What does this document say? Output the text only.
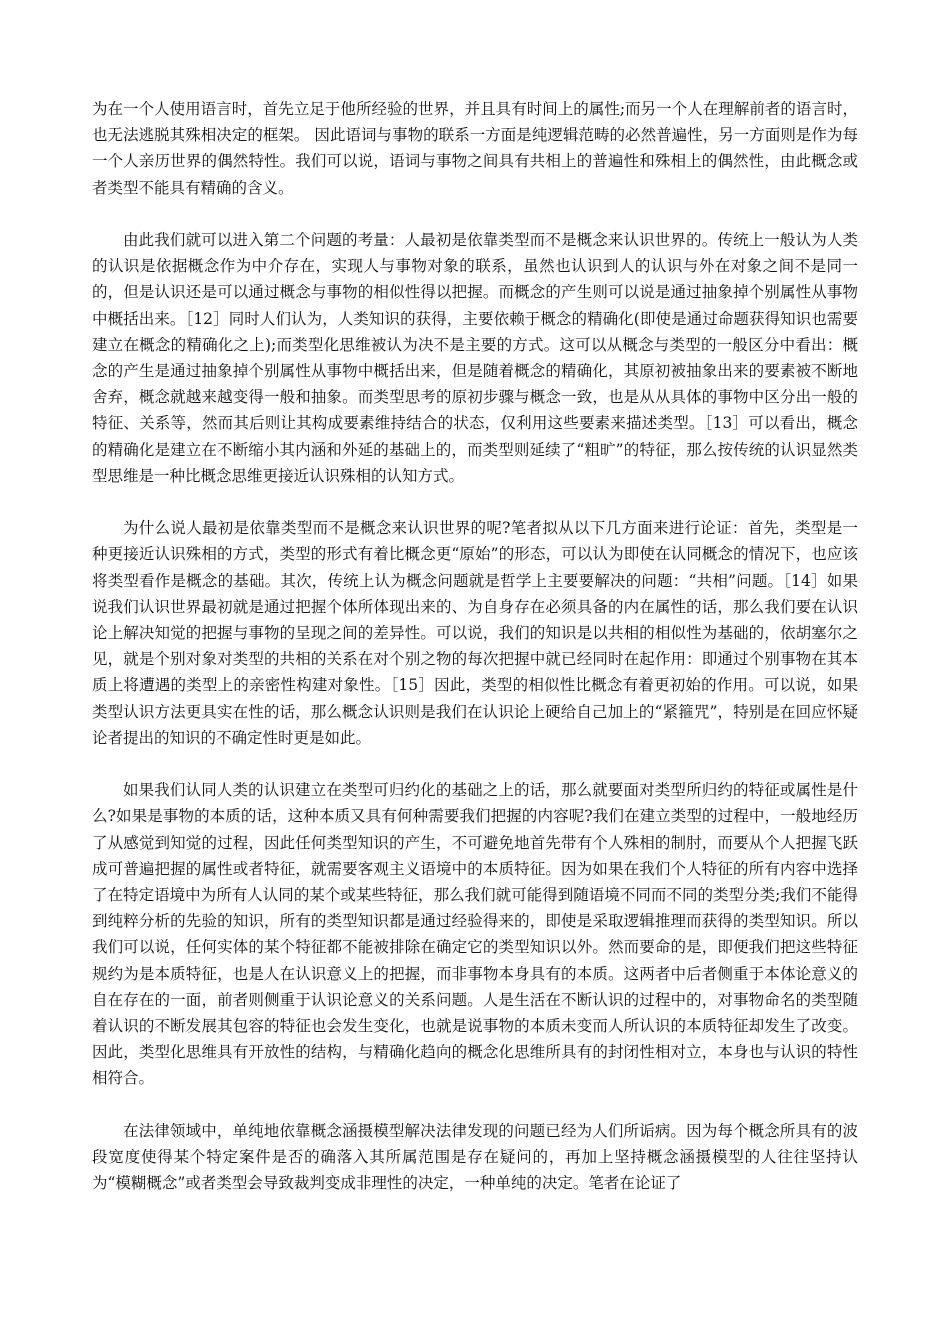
为在一个人使用语言时，首先立足于他所经验的世界，并且具有时间上的属性;而另一个人在理解前者的语言时，也无法逃脱其殊相决定的框架。 因此语词与事物的联系一方面是纯逻辑范畴的必然普遍性，另一方面则是作为每一个人亲历世界的偶然特性。我们可以说，语词与事物之间具有共相上的普遍性和殊相上的偶然性，由此概念或者类型不能具有精确的含义。

由此我们就可以进入第二个问题的考量：人最初是依靠类型而不是概念来认识世界的。传统上一般认为人类的认识是依据概念作为中介存在，实现人与事物对象的联系，虽然也认识到人的认识与外在对象之间不是同一的，但是认识还是可以通过概念与事物的相似性得以把握。而概念的产生则可以说是通过抽象掉个别属性从事物中概括出来。［12］同时人们认为，人类知识的获得，主要依赖于概念的精确化(即使是通过命题获得知识也需要建立在概念的精确化之上);而类型化思维被认为决不是主要的方式。这可以从概念与类型的一般区分中看出：概念的产生是通过抽象掉个别属性从事物中概括出来，但是随着概念的精确化，其原初被抽象出来的要素被不断地舍弃，概念就越来越变得一般和抽象。而类型思考的原初步骤与概念一致，也是从从具体的事物中区分出一般的特征、关系等，然而其后则让其构成要素维持结合的状态，仅利用这些要素来描述类型。［13］可以看出，概念的精确化是建立在不断缩小其内涵和外延的基础上的，而类型则延续了“粗旷”的特征，那么按传统的认识显然类型思维是一种比概念思维更接近认识殊相的认知方式。

为什么说人最初是依靠类型而不是概念来认识世界的呢?笔者拟从以下几方面来进行论证：首先，类型是一种更接近认识殊相的方式，类型的形式有着比概念更“原始”的形态，可以认为即使在认同概念的情况下，也应该将类型看作是概念的基础。其次，传统上认为概念问题就是哲学上主要要解决的问题：“共相”问题。［14］如果说我们认识世界最初就是通过把握个体所体现出来的、为自身存在必须具备的内在属性的话，那么我们要在认识论上解决知觉的把握与事物的呈现之间的差异性。可以说，我们的知识是以共相的相似性为基础的，依胡塞尔之见，就是个别对象对类型的共相的关系在对个别之物的每次把握中就已经同时在起作用：即通过个别事物在其本质上将遭遇的类型上的亲密性构建对象性。［15］因此，类型的相似性比概念有着更初始的作用。可以说，如果类型认识方法更具实在性的话，那么概念认识则是我们在认识论上硬给自己加上的“紧箍咒”，特别是在回应怀疑论者提出的知识的不确定性时更是如此。

如果我们认同人类的认识建立在类型可归约化的基础之上的话，那么就要面对类型所归约的特征或属性是什么?如果是事物的本质的话，这种本质又具有何种需要我们把握的内容呢?我们在建立类型的过程中，一般地经历了从感觉到知觉的过程，因此任何类型知识的产生，不可避免地首先带有个人殊相的制肘，而要从个人把握飞跃成可普遍把握的属性或者特征，就需要客观主义语境中的本质特征。因为如果在我们个人特征的所有内容中选择了在特定语境中为所有人认同的某个或某些特征，那么我们就可能得到随语境不同而不同的类型分类;我们不能得到纯粹分析的先验的知识，所有的类型知识都是通过经验得来的，即使是采取逻辑推理而获得的类型知识。所以我们可以说，任何实体的某个特征都不能被排除在确定它的类型知识以外。然而要命的是，即便我们把这些特征规约为是本质特征，也是人在认识意义上的把握，而非事物本身具有的本质。这两者中后者侧重于本体论意义的自在存在的一面，前者则侧重于认识论意义的关系问题。人是生活在不断认识的过程中的，对事物命名的类型随着认识的不断发展其包容的特征也会发生变化，也就是说事物的本质未变而人所认识的本质特征却发生了改变。因此，类型化思维具有开放性的结构，与精确化趋向的概念化思维所具有的封闭性相对立，本身也与认识的特性相符合。

在法律领域中，单纯地依靠概念涵摄模型解决法律发现的问题已经为人们所诟病。因为每个概念所具有的波段宽度使得某个特定案件是否的确落入其所属范围是存在疑问的，再加上坚持概念涵摄模型的人往往坚持认为“模糊概念”或者类型会导致裁判变成非理性的决定，一种单纯的决定。笔者在论证了
